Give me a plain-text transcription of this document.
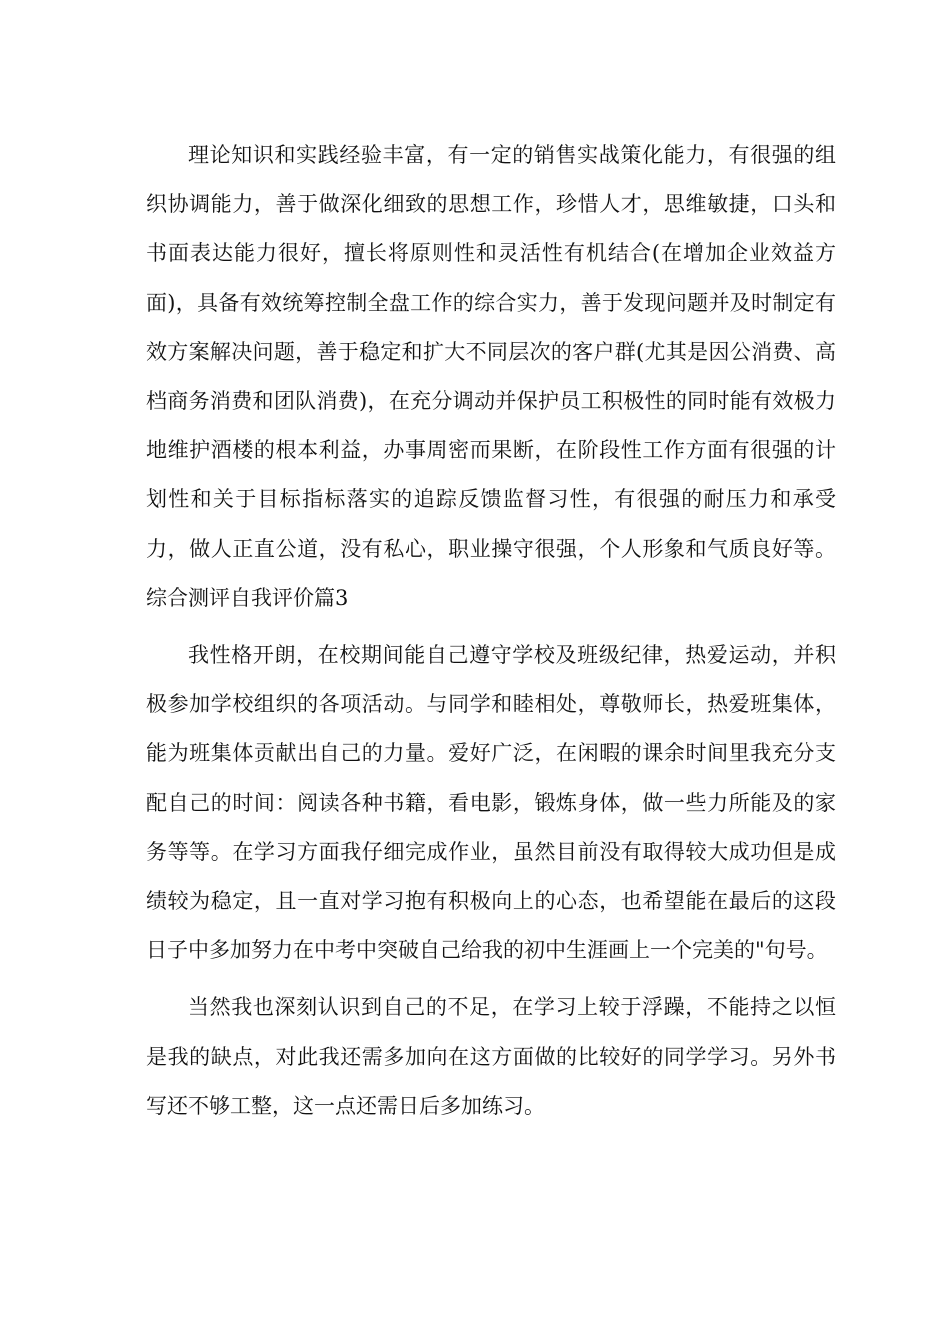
理论知识和实践经验丰富，有一定的销售实战策化能力，有很强的组织协调能力，善于做深化细致的思想工作，珍惜人才，思维敏捷，口头和书面表达能力很好，擅长将原则性和灵活性有机结合(在增加企业效益方面)，具备有效统筹控制全盘工作的综合实力，善于发现问题并及时制定有效方案解决问题，善于稳定和扩大不同层次的客户群(尤其是因公消费、高档商务消费和团队消费)，在充分调动并保护员工积极性的同时能有效极力地维护酒楼的根本利益，办事周密而果断，在阶段性工作方面有很强的计划性和关于目标指标落实的追踪反馈监督习性，有很强的耐压力和承受力，做人正直公道，没有私心，职业操守很强，个人形象和气质良好等。综合测评自我评价篇3

我性格开朗，在校期间能自己遵守学校及班级纪律，热爱运动，并积极参加学校组织的各项活动。与同学和睦相处，尊敬师长，热爱班集体，能为班集体贡献出自己的力量。爱好广泛，在闲暇的课余时间里我充分支配自己的时间：阅读各种书籍，看电影，锻炼身体，做一些力所能及的家务等等。在学习方面我仔细完成作业，虽然目前没有取得较大成功但是成绩较为稳定，且一直对学习抱有积极向上的心态，也希望能在最后的这段日子中多加努力在中考中突破自己给我的初中生涯画上一个完美的"句号。

当然我也深刻认识到自己的不足，在学习上较于浮躁，不能持之以恒是我的缺点，对此我还需多加向在这方面做的比较好的同学学习。另外书写还不够工整，这一点还需日后多加练习。
